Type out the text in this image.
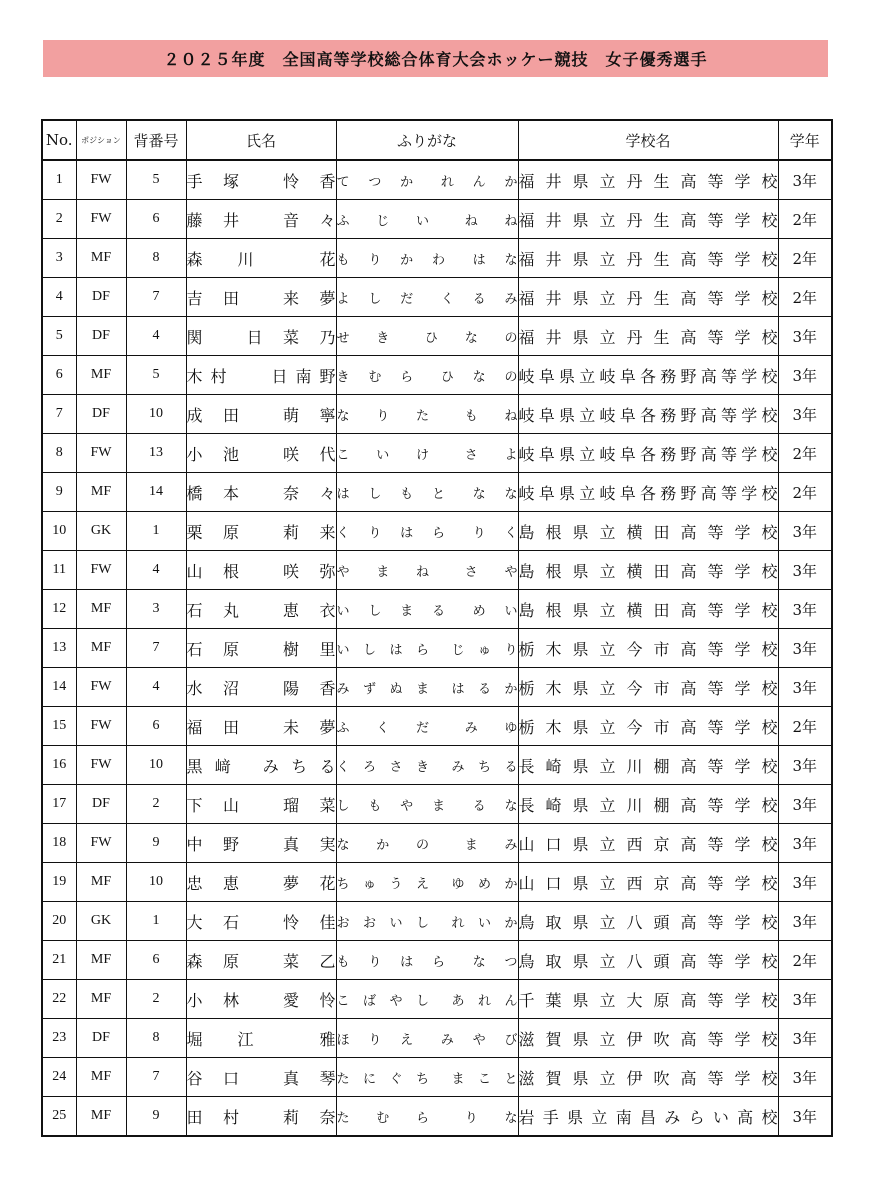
２０２５年度　全国高等学校総合体育大会ホッケー競技　女子優秀選手
No.	ポジション	背番号	氏名	ふりがな	学校名	学年
1	FW	5	手 塚　 怜 香	て つ か　れ ん か	福井県立丹生高等学校	3年
2	FW	6	藤 井　 音 々	ふ じ い　ね ね	福井県立丹生高等学校	2年
3	MF	8	森 川　 花	も り か わ　は な	福井県立丹生高等学校	2年
4	DF	7	吉 田　 来 夢	よ し だ　く る み	福井県立丹生高等学校	2年
5	DF	4	関　 日 菜 乃	せ き　ひ な の	福井県立丹生高等学校	3年
6	MF	5	木村　 日南野	き む ら　ひ な の	岐阜県立岐阜各務野高等学校	3年
7	DF	10	成 田　 萌 寧	な り た　も ね	岐阜県立岐阜各務野高等学校	3年
8	FW	13	小 池　 咲 代	こ い け　さ よ	岐阜県立岐阜各務野高等学校	2年
9	MF	14	橋 本　 奈 々	は し も と　な な	岐阜県立岐阜各務野高等学校	2年
10	GK	1	栗 原　 莉 来	く り は ら　り く	島根県立横田高等学校	3年
11	FW	4	山 根　 咲 弥	や ま ね　さ や	島根県立横田高等学校	3年
12	MF	3	石 丸　 恵 衣	い し ま る　め い	島根県立横田高等学校	3年
13	MF	7	石 原　 樹 里	い し は ら　じ ゅ り	栃木県立今市高等学校	3年
14	FW	4	水 沼　 陽 香	み ず ぬ ま　は る か	栃木県立今市高等学校	3年
15	FW	6	福 田　 未 夢	ふ く だ　み ゆ	栃木県立今市高等学校	2年
16	FW	10	黒 﨑　 み ち る	く ろ さ き　み ち る	長崎県立川棚高等学校	3年
17	DF	2	下 山　 瑠 菜	し も や ま　る な	長崎県立川棚高等学校	3年
18	FW	9	中 野　 真 実	な か の　ま み	山口県立西京高等学校	3年
19	MF	10	忠 恵　 夢 花	ち ゅ う え　ゆ め か	山口県立西京高等学校	3年
20	GK	1	大 石　 怜 佳	お お い し　れ い か	鳥取県立八頭高等学校	3年
21	MF	6	森 原　 菜 乙	も り は ら　な つ	鳥取県立八頭高等学校	2年
22	MF	2	小 林　 愛 怜	こ ば や し　あ れ ん	千葉県立大原高等学校	3年
23	DF	8	堀 江　 雅	ほ り え　み や び	滋賀県立伊吹高等学校	3年
24	MF	7	谷 口　 真 琴	た に ぐ ち　ま こ と	滋賀県立伊吹高等学校	3年
25	MF	9	田 村　 莉 奈	た む ら　り な	岩手県立南昌みらい高校	3年
